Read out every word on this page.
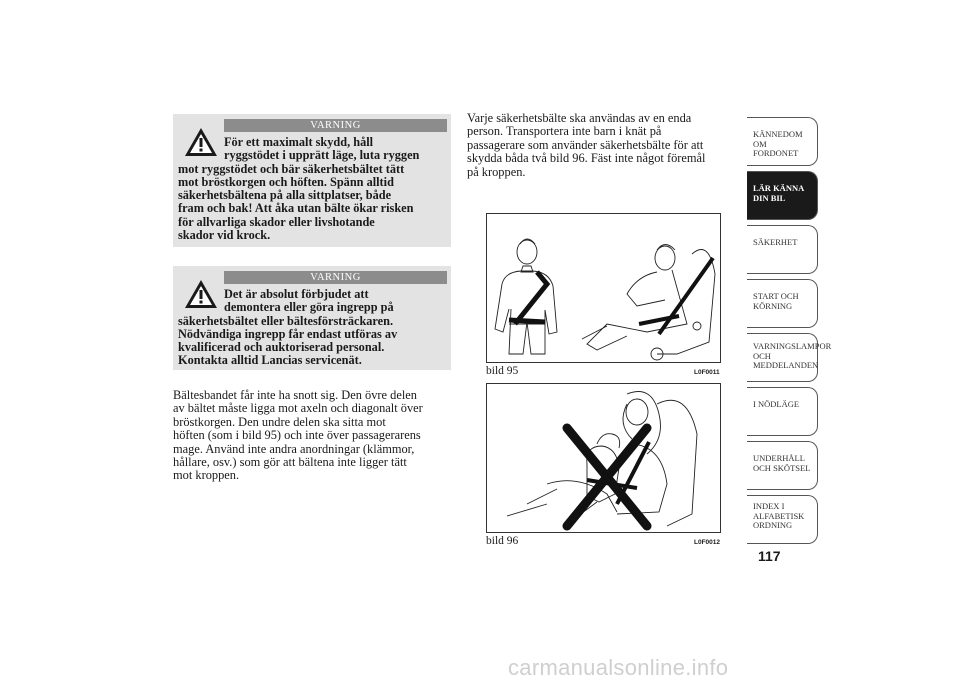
VARNING
För ett maximalt skydd, håll
ryggstödet i upprätt läge, luta ryggen

mot ryggstödet och bär säkerhetsbältet tätt

mot bröstkorgen och höften. Spänn alltid

säkerhetsbältena på alla sittplatser, både

fram och bak! Att åka utan bälte ökar risken

för allvarliga skador eller livshotande

skador vid krock.

VARNING
Det är absolut förbjudet att
demontera eller göra ingrepp på

säkerhetsbältet eller bältesförsträckaren.

Nödvändiga ingrepp får endast utföras av

kvalificerad och auktoriserad personal.

Kontakta alltid Lancias servicenät.

Bältesbandet får inte ha snott sig. Den övre delen

av bältet måste ligga mot axeln och diagonalt över

bröstkorgen. Den undre delen ska sitta mot

höften (som i bild 95) och inte över passagerarens

mage. Använd inte andra anordningar (klämmor,

hållare, osv.) som gör att bältena inte ligger tätt

mot kroppen.

Varje säkerhetsbälte ska användas av en enda

person. Transportera inte barn i knät på

passagerare som använder säkerhetsbälte för att

skydda båda två bild 96. Fäst inte något föremål

på kroppen.

bild 95	L0F0011
bild 96	L0F0012
KÄNNEDOM OM FORDONET
LÄR KÄNNA DIN BIL
SÄKERHET
START OCH KÖRNING
VARNINGSLAMPOR OCH MEDDELANDEN
I NÖDLÄGE
UNDERHÅLL OCH SKÖTSEL
INDEX I ALFABETISK ORDNING
117
carmanualsonline.info
